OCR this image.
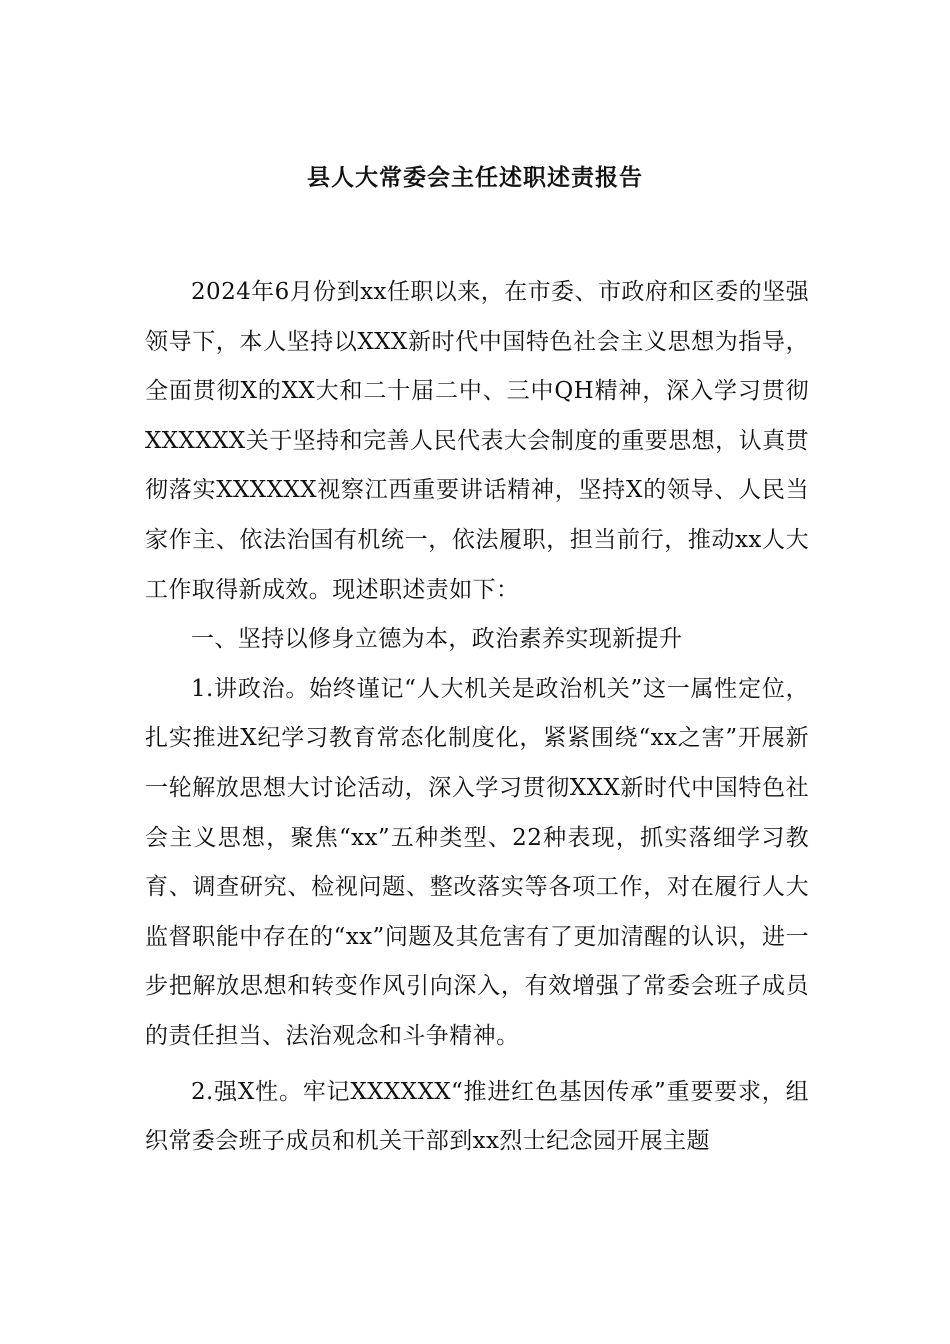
县人大常委会主任述职述责报告

2024年6月份到xx任职以来，在市委、市政府和区委的坚强领导下，本人坚持以XXX新时代中国特色社会主义思想为指导，全面贯彻X的XX大和二十届二中、三中QH精神，深入学习贯彻XXXXXX关于坚持和完善人民代表大会制度的重要思想，认真贯彻落实XXXXXX视察江西重要讲话精神，坚持X的领导、人民当家作主、依法治国有机统一，依法履职，担当前行，推动xx人大工作取得新成效。现述职述责如下：

一、坚持以修身立德为本，政治素养实现新提升

1.讲政治。始终谨记“人大机关是政治机关”这一属性定位，扎实推进X纪学习教育常态化制度化，紧紧围绕“xx之害”开展新一轮解放思想大讨论活动，深入学习贯彻XXX新时代中国特色社会主义思想，聚焦“xx”五种类型、22种表现，抓实落细学习教育、调查研究、检视问题、整改落实等各项工作，对在履行人大监督职能中存在的“xx”问题及其危害有了更加清醒的认识，进一步把解放思想和转变作风引向深入，有效增强了常委会班子成员的责任担当、法治观念和斗争精神。

2.强X性。牢记XXXXXX“推进红色基因传承”重要要求，组织常委会班子成员和机关干部到xx烈士纪念园开展主题
